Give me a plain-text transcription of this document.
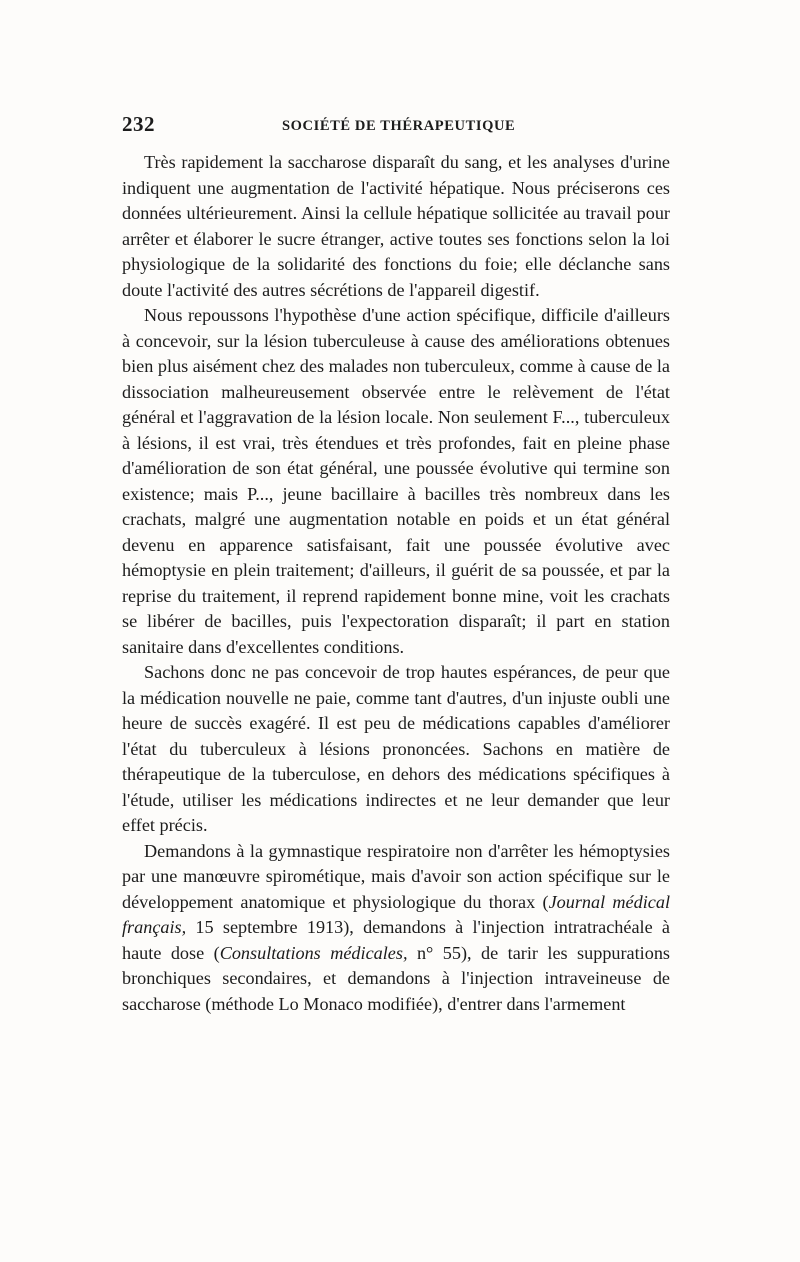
232	SOCIÉTÉ DE THÉRAPEUTIQUE

Très rapidement la saccharose disparaît du sang, et les analyses d'urine indiquent une augmentation de l'activité hépatique. Nous préciserons ces données ultérieurement. Ainsi la cellule hépatique sollicitée au travail pour arrêter et élaborer le sucre étranger, active toutes ses fonctions selon la loi physiologique de la solidarité des fonctions du foie; elle déclanche sans doute l'activité des autres sécrétions de l'appareil digestif.

Nous repoussons l'hypothèse d'une action spécifique, difficile d'ailleurs à concevoir, sur la lésion tuberculeuse à cause des améliorations obtenues bien plus aisément chez des malades non tuberculeux, comme à cause de la dissociation malheureusement observée entre le relèvement de l'état général et l'aggravation de la lésion locale. Non seulement F..., tuberculeux à lésions, il est vrai, très étendues et très profondes, fait en pleine phase d'amélioration de son état général, une poussée évolutive qui termine son existence; mais P..., jeune bacillaire à bacilles très nombreux dans les crachats, malgré une augmentation notable en poids et un état général devenu en apparence satisfaisant, fait une poussée évolutive avec hémoptysie en plein traitement; d'ailleurs, il guérit de sa poussée, et par la reprise du traitement, il reprend rapidement bonne mine, voit les crachats se libérer de bacilles, puis l'expectoration disparaît; il part en station sanitaire dans d'excellentes conditions.

Sachons donc ne pas concevoir de trop hautes espérances, de peur que la médication nouvelle ne paie, comme tant d'autres, d'un injuste oubli une heure de succès exagéré. Il est peu de médications capables d'améliorer l'état du tuberculeux à lésions prononcées. Sachons en matière de thérapeutique de la tuberculose, en dehors des médications spécifiques à l'étude, utiliser les médications indirectes et ne leur demander que leur effet précis.

Demandons à la gymnastique respiratoire non d'arrêter les hémoptysies par une manœuvre spirométique, mais d'avoir son action spécifique sur le développement anatomique et physiologique du thorax (Journal médical français, 15 septembre 1913), demandons à l'injection intratrachéale à haute dose (Consultations médicales, n° 55), de tarir les suppurations bronchiques secondaires, et demandons à l'injection intraveineuse de saccharose (méthode Lo Monaco modifiée), d'entrer dans l'armement
